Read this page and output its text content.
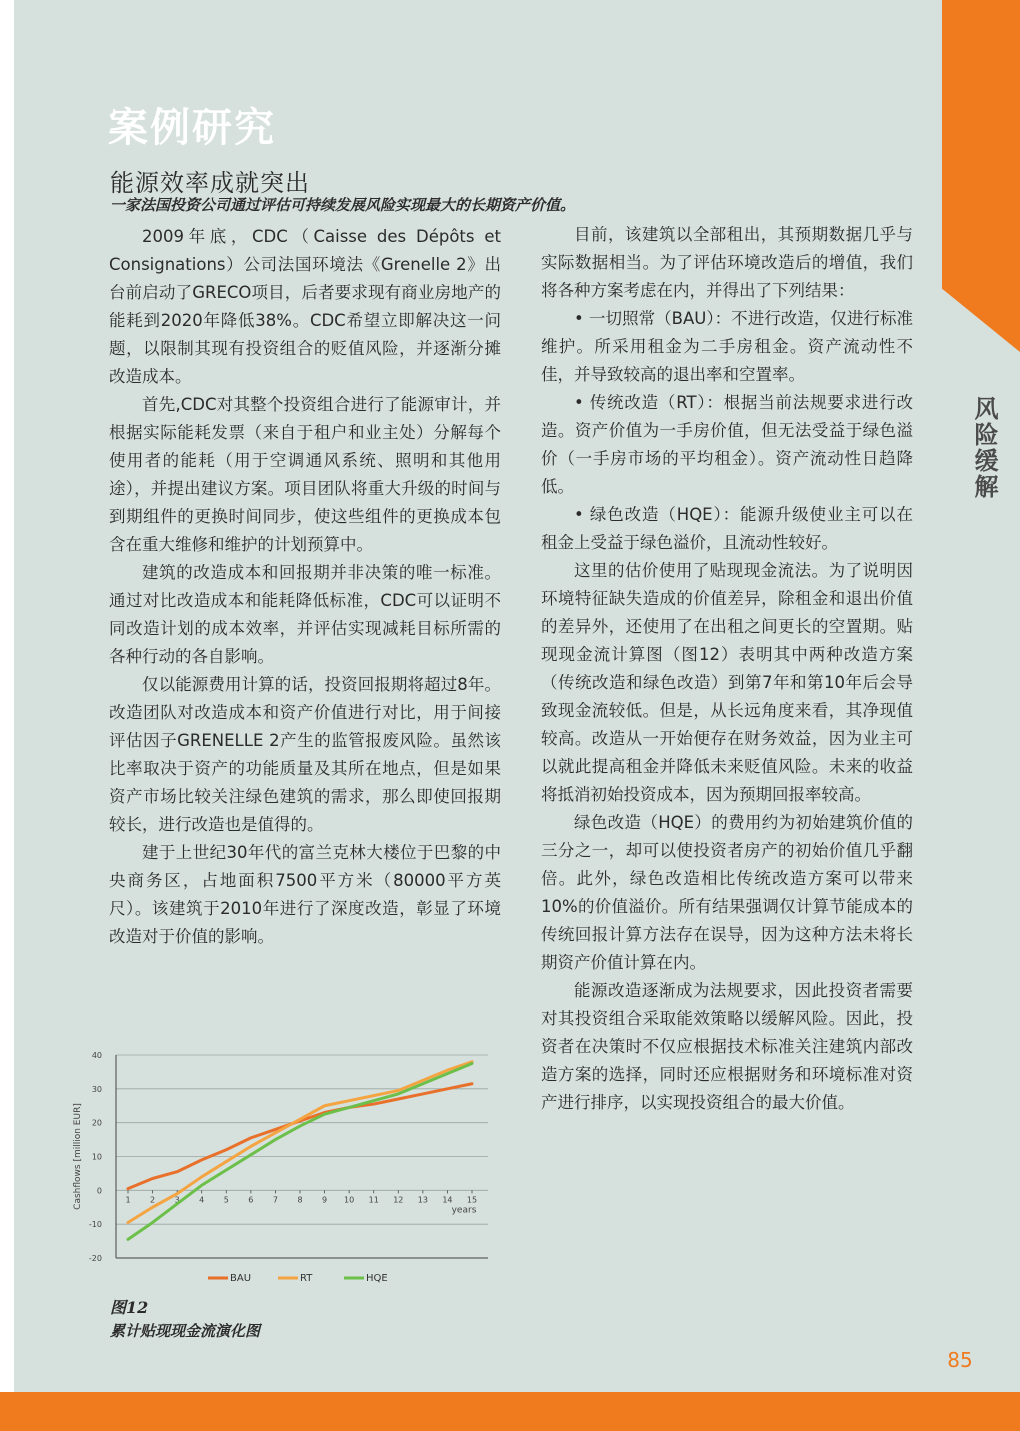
风险缓解
案例研究
能源效率成就突出
一家法国投资公司通过评估可持续发展风险实现最大的长期资产价值。

2009年底，CDC（Caisse des Dépôts et Consignations）公司法国环境法《Grenelle 2》出台前启动了GRECO项目，后者要求现有商业房地产的能耗到2020年降低38%。CDC希望立即解决这一问题，以限制其现有投资组合的贬值风险，并逐渐分摊改造成本。

首先,CDC对其整个投资组合进行了能源审计，并根据实际能耗发票（来自于租户和业主处）分解每个使用者的能耗（用于空调通风系统、照明和其他用途），并提出建议方案。项目团队将重大升级的时间与到期组件的更换时间同步，使这些组件的更换成本包含在重大维修和维护的计划预算中。

建筑的改造成本和回报期并非决策的唯一标准。通过对比改造成本和能耗降低标准，CDC可以证明不同改造计划的成本效率，并评估实现减耗目标所需的各种行动的各自影响。

仅以能源费用计算的话，投资回报期将超过8年。改造团队对改造成本和资产价值进行对比，用于间接评估因子GRENELLE 2产生的监管报废风险。虽然该比率取决于资产的功能质量及其所在地点，但是如果资产市场比较关注绿色建筑的需求，那么即使回报期较长，进行改造也是值得的。

建于上世纪30年代的富兰克林大楼位于巴黎的中央商务区，占地面积7500平方米（80000平方英尺）。该建筑于2010年进行了深度改造，彰显了环境改造对于价值的影响。

目前，该建筑以全部租出，其预期数据几乎与实际数据相当。为了评估环境改造后的增值，我们将各种方案考虑在内，并得出了下列结果：

• 一切照常（BAU）：不进行改造，仅进行标准维护。所采用租金为二手房租金。资产流动性不佳，并导致较高的退出率和空置率。

• 传统改造（RT）：根据当前法规要求进行改造。资产价值为一手房价值，但无法受益于绿色溢价（一手房市场的平均租金）。资产流动性日趋降低。

• 绿色改造（HQE）：能源升级使业主可以在租金上受益于绿色溢价，且流动性较好。

这里的估价使用了贴现现金流法。为了说明因环境特征缺失造成的价值差异，除租金和退出价值的差异外，还使用了在出租之间更长的空置期。贴现现金流计算图（图12）表明其中两种改造方案（传统改造和绿色改造）到第7年和第10年后会导致现金流较低。但是，从长远角度来看，其净现值较高。改造从一开始便存在财务效益，因为业主可以就此提高租金并降低未来贬值风险。未来的收益将抵消初始投资成本，因为预期回报率较高。

绿色改造（HQE）的费用约为初始建筑价值的三分之一，却可以使投资者房产的初始价值几乎翻倍。此外，绿色改造相比传统改造方案可以带来10%的价值溢价。所有结果强调仅计算节能成本的传统回报计算方法存在误导，因为这种方法未将长期资产价值计算在内。

能源改造逐渐成为法规要求，因此投资者需要对其投资组合采取能效策略以缓解风险。因此，投资者在决策时不仅应根据技术标准关注建筑内部改造方案的选择，同时还应根据财务和环境标准对资产进行排序，以实现投资组合的最大价值。

40
30
20
10
0
-10
-20
1 2 3 4 5 6 7 8 9 10 11 12 13 14 15
years
Cashflows [million EUR]
BAU	RT	HQE
图12
累计贴现现金流演化图
85
